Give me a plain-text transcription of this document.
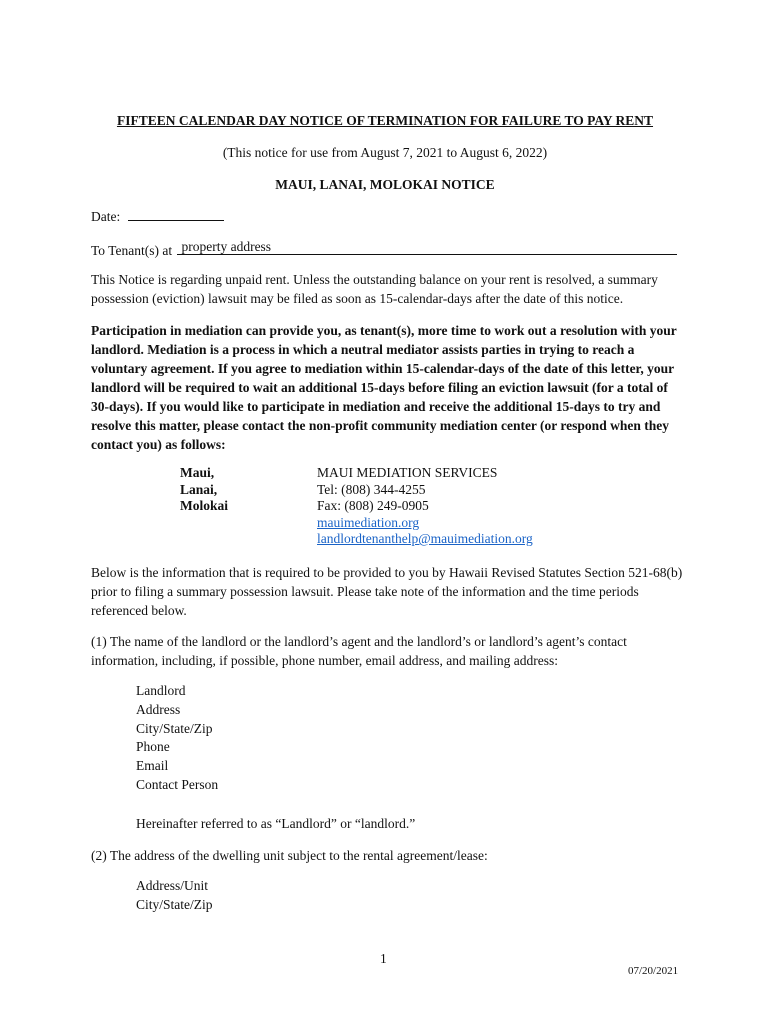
FIFTEEN CALENDAR DAY NOTICE OF TERMINATION FOR FAILURE TO PAY RENT
(This notice for use from August 7, 2021 to August 6, 2022)
MAUI, LANAI, MOLOKAI NOTICE
Date:
To Tenant(s) at property address
This Notice is regarding unpaid rent. Unless the outstanding balance on your rent is resolved, a summary possession (eviction) lawsuit may be filed as soon as 15-calendar-days after the date of this notice.
Participation in mediation can provide you, as tenant(s), more time to work out a resolution with your landlord. Mediation is a process in which a neutral mediator assists parties in trying to reach a voluntary agreement. If you agree to mediation within 15-calendar-days of the date of this letter, your landlord will be required to wait an additional 15-days before filing an eviction lawsuit (for a total of 30-days). If you would like to participate in mediation and receive the additional 15-days to try and resolve this matter, please contact the non-profit community mediation center (or respond when they contact you) as follows:
Maui,
Lanai,
Molokai
MAUI MEDIATION SERVICES
Tel: (808) 344-4255
Fax: (808) 249-0905
mauimediation.org
landlordtenanthelp@mauimediation.org
Below is the information that is required to be provided to you by Hawaii Revised Statutes Section 521-68(b) prior to filing a summary possession lawsuit. Please take note of the information and the time periods referenced below.
(1) The name of the landlord or the landlord’s agent and the landlord’s or landlord’s agent’s contact information, including, if possible, phone number, email address, and mailing address:
Landlord
Address
City/State/Zip
Phone
Email
Contact Person
Hereinafter referred to as “Landlord” or “landlord.”
(2) The address of the dwelling unit subject to the rental agreement/lease:
Address/Unit
City/State/Zip
1
07/20/2021
